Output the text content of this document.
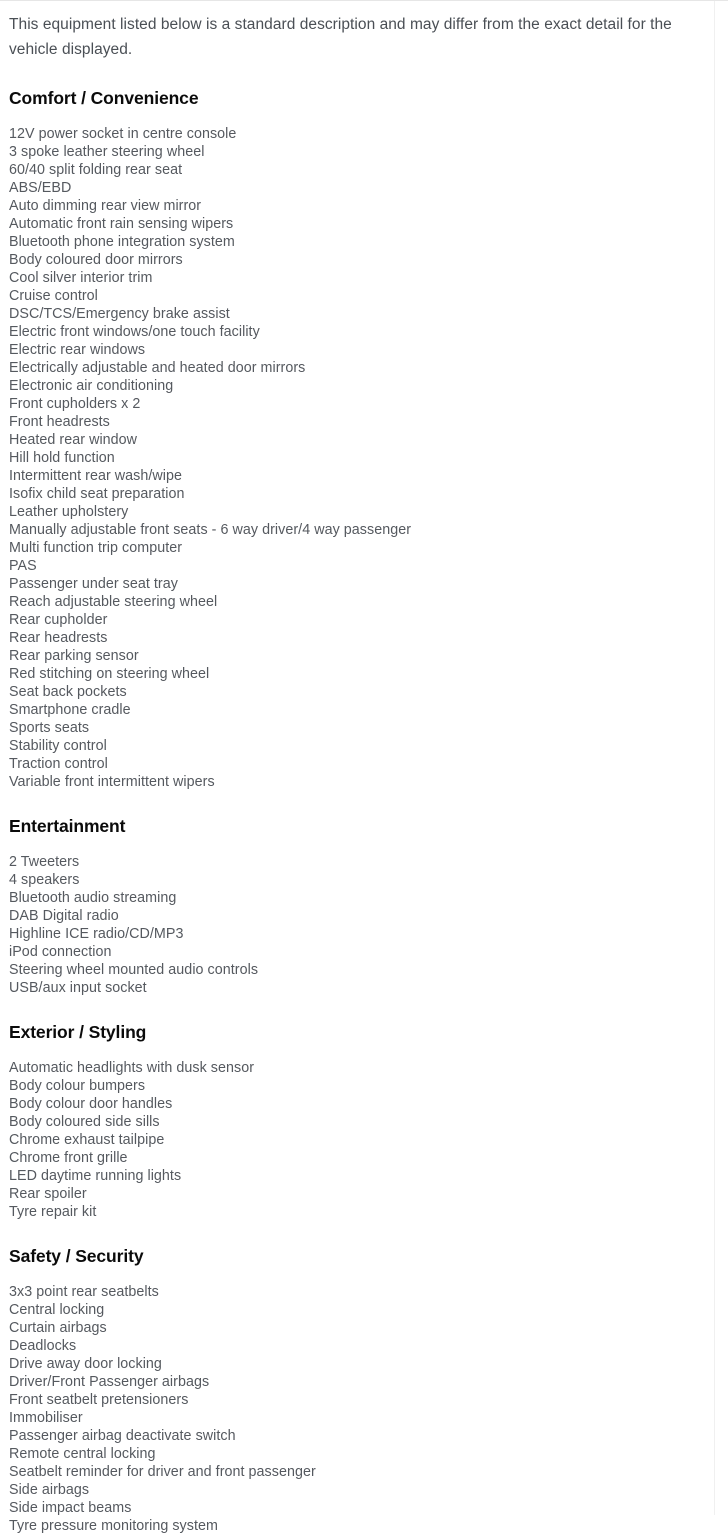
This equipment listed below is a standard description and may differ from the exact detail for the vehicle displayed.

Comfort / Convenience
12V power socket in centre console
3 spoke leather steering wheel
60/40 split folding rear seat
ABS/EBD
Auto dimming rear view mirror
Automatic front rain sensing wipers
Bluetooth phone integration system
Body coloured door mirrors
Cool silver interior trim
Cruise control
DSC/TCS/Emergency brake assist
Electric front windows/one touch facility
Electric rear windows
Electrically adjustable and heated door mirrors
Electronic air conditioning
Front cupholders x 2
Front headrests
Heated rear window
Hill hold function
Intermittent rear wash/wipe
Isofix child seat preparation
Leather upholstery
Manually adjustable front seats - 6 way driver/4 way passenger
Multi function trip computer
PAS
Passenger under seat tray
Reach adjustable steering wheel
Rear cupholder
Rear headrests
Rear parking sensor
Red stitching on steering wheel
Seat back pockets
Smartphone cradle
Sports seats
Stability control
Traction control
Variable front intermittent wipers
Entertainment
2 Tweeters
4 speakers
Bluetooth audio streaming
DAB Digital radio
Highline ICE radio/CD/MP3
iPod connection
Steering wheel mounted audio controls
USB/aux input socket
Exterior / Styling
Automatic headlights with dusk sensor
Body colour bumpers
Body colour door handles
Body coloured side sills
Chrome exhaust tailpipe
Chrome front grille
LED daytime running lights
Rear spoiler
Tyre repair kit
Safety / Security
3x3 point rear seatbelts
Central locking
Curtain airbags
Deadlocks
Drive away door locking
Driver/Front Passenger airbags
Front seatbelt pretensioners
Immobiliser
Passenger airbag deactivate switch
Remote central locking
Seatbelt reminder for driver and front passenger
Side airbags
Side impact beams
Tyre pressure monitoring system
